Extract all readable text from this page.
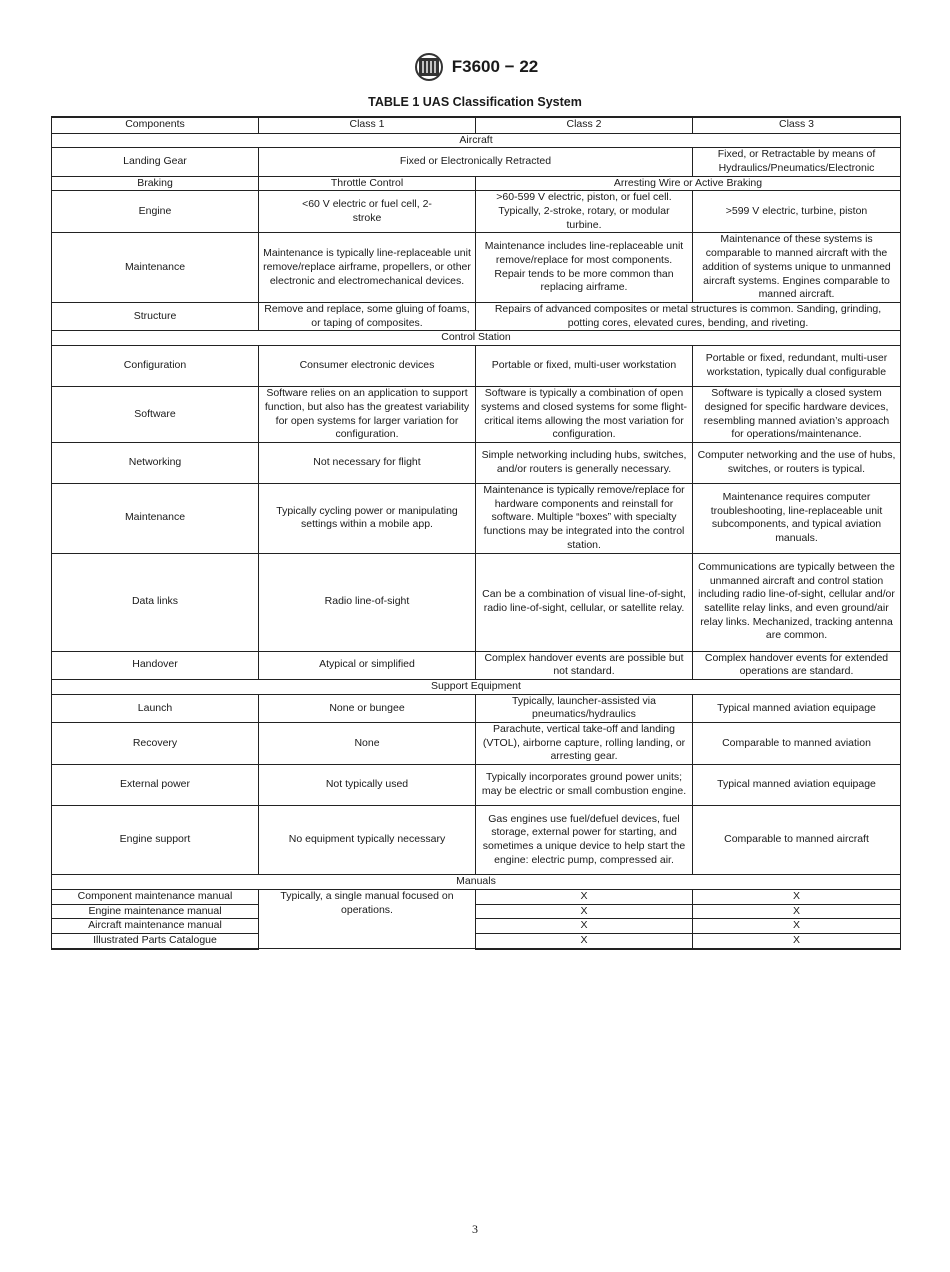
F3600 − 22
TABLE 1 UAS Classification System
Components	Class 1	Class 2	Class 3
Aircraft			
Landing Gear	Fixed or Electronically Retracted		Fixed, or Retractable by means of Hydraulics/Pneumatics/Electronic
Braking	Throttle Control	Arresting Wire or Active Braking	
Engine	<60 V electric or fuel cell, 2-stroke	>60-599 V electric, piston, or fuel cell. Typically, 2-stroke, rotary, or modular turbine.	>599 V electric, turbine, piston
Maintenance	Maintenance is typically line-replaceable unit remove/replace airframe, propellers, or other electronic and electromechanical devices.	Maintenance includes line-replaceable unit remove/replace for most components. Repair tends to be more common than replacing airframe.	Maintenance of these systems is comparable to manned aircraft with the addition of systems unique to unmanned aircraft systems. Engines comparable to manned aircraft.
Structure	Remove and replace, some gluing of foams, or taping of composites.	Repairs of advanced composites or metal structures is common. Sanding, grinding, potting cores, elevated cures, bending, and riveting.	
Control Station			
Configuration	Consumer electronic devices	Portable or fixed, multi-user workstation	Portable or fixed, redundant, multi-user workstation, typically dual configurable
Software	Software relies on an application to support function, but also has the greatest variability for open systems for larger variation for configuration.	Software is typically a combination of open systems and closed systems for some flight-critical items allowing the most variation for configuration.	Software is typically a closed system designed for specific hardware devices, resembling manned aviation’s approach for operations/maintenance.
Networking	Not necessary for flight	Simple networking including hubs, switches, and/or routers is generally necessary.	Computer networking and the use of hubs, switches, or routers is typical.
Maintenance	Typically cycling power or manipulating settings within a mobile app.	Maintenance is typically remove/replace for hardware components and reinstall for software. Multiple “boxes” with specialty functions may be integrated into the control station.	Maintenance requires computer troubleshooting, line-replaceable unit subcomponents, and typical aviation manuals.
Data links	Radio line-of-sight	Can be a combination of visual line-of-sight, radio line-of-sight, cellular, or satellite relay.	Communications are typically between the unmanned aircraft and control station including radio line-of-sight, cellular and/or satellite relay links, and even ground/air relay links. Mechanized, tracking antenna are common.
Handover	Atypical or simplified	Complex handover events are possible but not standard.	Complex handover events for extended operations are standard.
Support Equipment			
Launch	None or bungee	Typically, launcher-assisted via pneumatics/hydraulics	Typical manned aviation equipage
Recovery	None	Parachute, vertical take-off and landing (VTOL), airborne capture, rolling landing, or arresting gear.	Comparable to manned aviation
External power	Not typically used	Typically incorporates ground power units; may be electric or small combustion engine.	Typical manned aviation equipage
Engine support	No equipment typically necessary	Gas engines use fuel/defuel devices, fuel storage, external power for starting, and sometimes a unique device to help start the engine: electric pump, compressed air.	Comparable to manned aircraft
Manuals			
Component maintenance manual	Typically, a single manual focused on operations.	X	X
Engine maintenance manual		X	X
Aircraft maintenance manual		X	X
Illustrated Parts Catalogue		X	X
3
